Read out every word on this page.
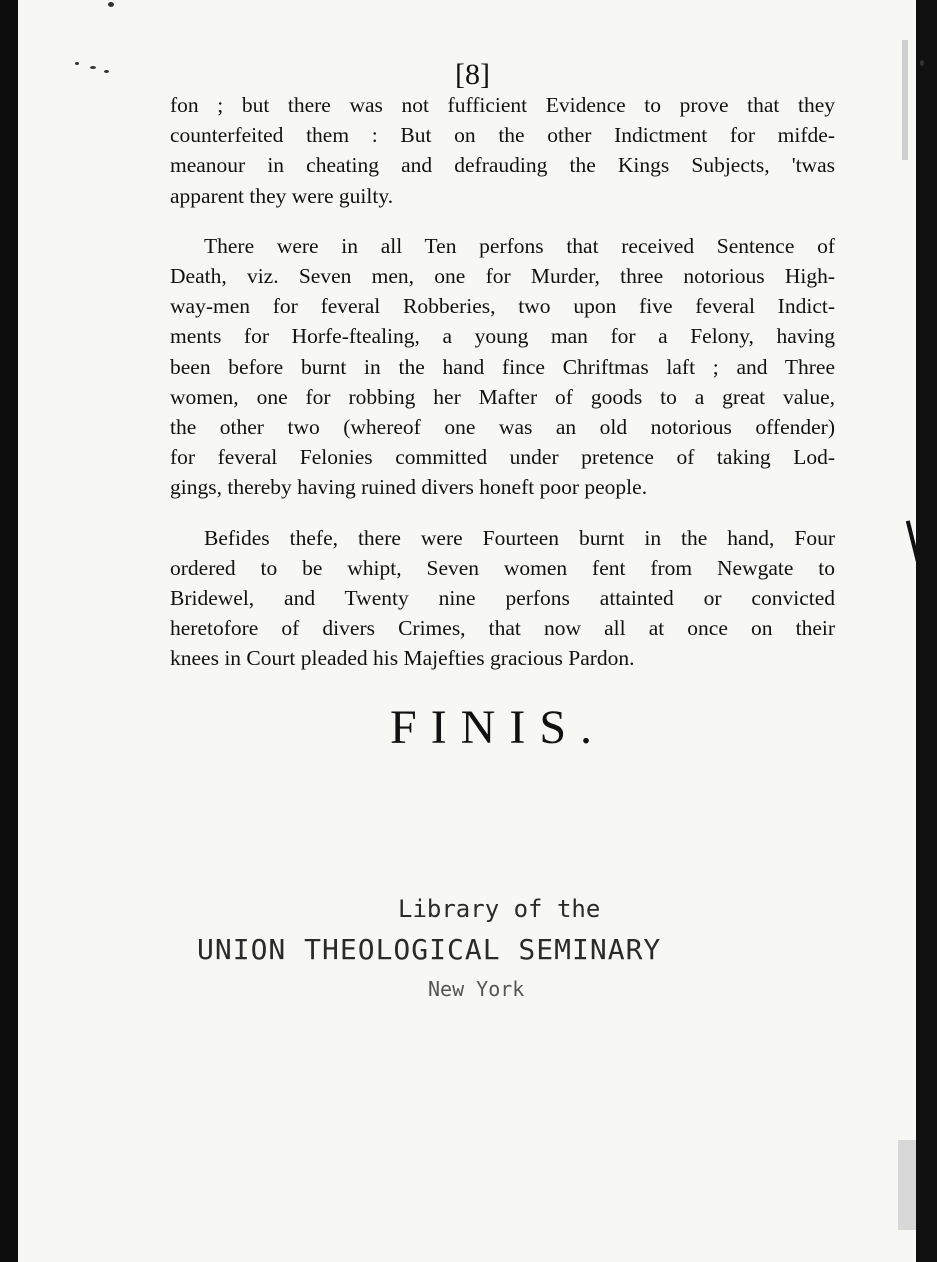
[8]
fon ; but there was not fufficient Evidence to prove that they
counterfeited them : But on the other Indictment for mifde-
meanour in cheating and defrauding the Kings Subjects, 'twas
apparent they were guilty.
There were in all Ten perfons that received Sentence of
Death, viz. Seven men, one for Murder, three notorious High-
way-men for feveral Robberies, two upon five feveral Indict-
ments for Horfe-ftealing, a young man for a Felony, having
been before burnt in the hand fince Chriftmas laft ; and Three
women, one for robbing her Mafter of goods to a great value,
the other two (whereof one was an old notorious offender)
for feveral Felonies committed under pretence of taking Lod-
gings, thereby having ruined divers honeft poor people.
Befides thefe, there were Fourteen burnt in the hand, Four
ordered to be whipt, Seven women fent from Newgate to
Bridewel, and Twenty nine perfons attainted or convicted
heretofore of divers Crimes, that now all at once on their
knees in Court pleaded his Majefties gracious Pardon.
FINIS.
Library of the
UNION THEOLOGICAL SEMINARY
New York
